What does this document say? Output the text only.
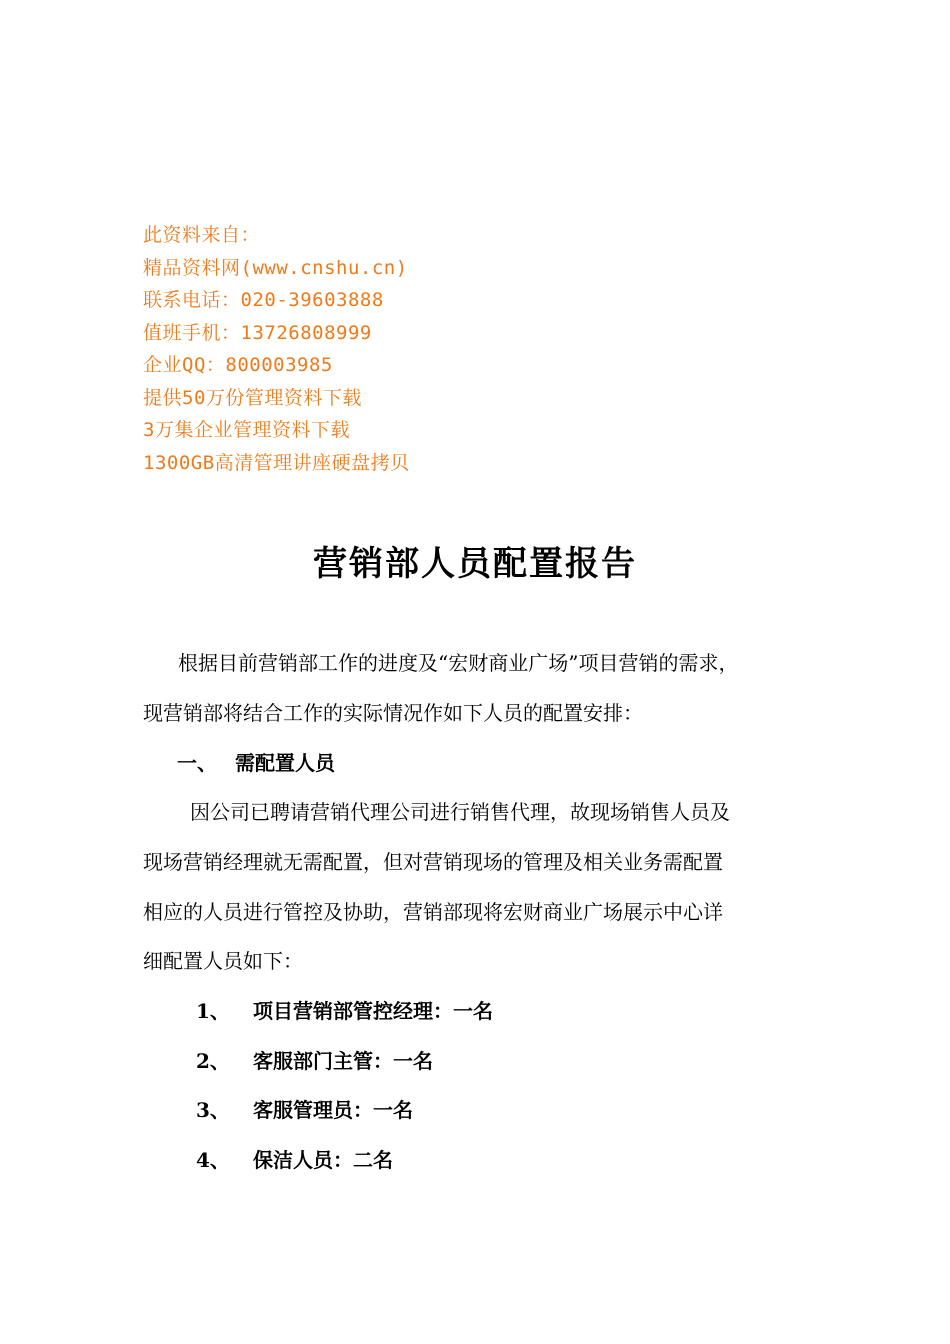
此资料来自：
精品资料网(www.cnshu.cn)
联系电话：020-39603888
值班手机：13726808999
企业QQ：800003985
提供50万份管理资料下载
3万集企业管理资料下载
1300GB高清管理讲座硬盘拷贝
营销部人员配置报告
根据目前营销部工作的进度及“宏财商业广场”项目营销的需求，
现营销部将结合工作的实际情况作如下人员的配置安排：
一、 需配置人员
因公司已聘请营销代理公司进行销售代理，故现场销售人员及
现场营销经理就无需配置，但对营销现场的管理及相关业务需配置
相应的人员进行管控及协助，营销部现将宏财商业广场展示中心详
细配置人员如下：
1、 项目营销部管控经理：一名
2、 客服部门主管：一名
3、 客服管理员：一名
4、 保洁人员：二名
